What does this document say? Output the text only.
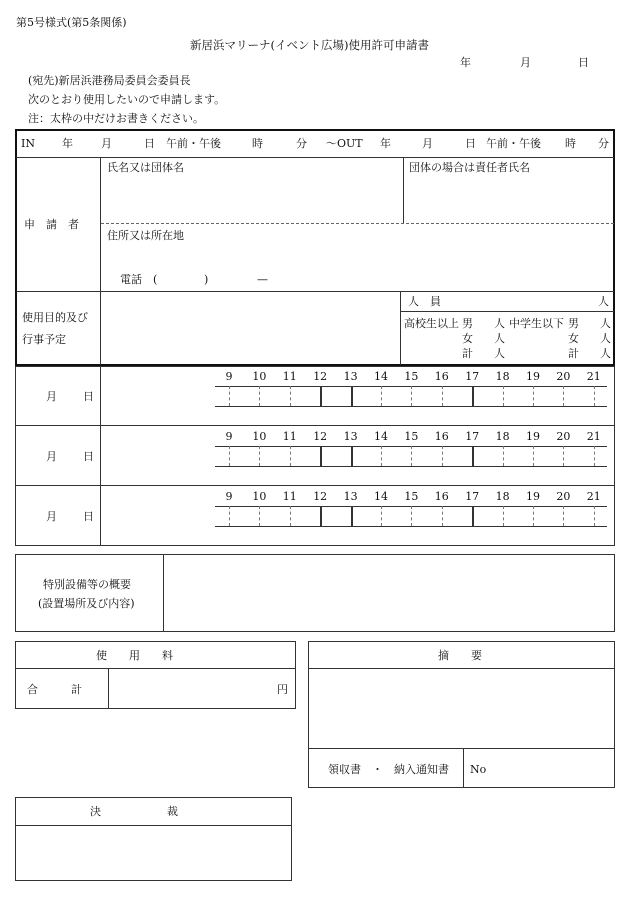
第5号様式(第5条関係)
新居浜マリーナ(イベント広場)使用許可申請書
年	月	日
(宛先)新居浜港務局委員会委員長
次のとおり使用したいので申請します。
注：太枠の中だけお書きください。
IN 年	月	日 午前・午後	時	分 ～OUT 年	月	日 午前・午後 時 分
申　請　者
氏名又は団体名	団体の場合は責任者氏名
住所又は所在地
電話 (	)	—
使用目的及び
行事予定
人　員	人
高校生以上 男 人
女 人
計 人
中学生以下 男 人
女 人
計 人
月 日
9	10 11 12 13 14 15 16 17 18 19 20 21
月 日
9	10 11 12 13 14 15 16 17 18 19 20 21
月 日
9	10 11 12 13 14 15 16 17 18 19 20 21
特別設備等の概要
(設置場所及び内容)
使　　用　　料
合　　　計	円
摘　　要
領収書　・　納入通知書 No
決　　　　　　裁
